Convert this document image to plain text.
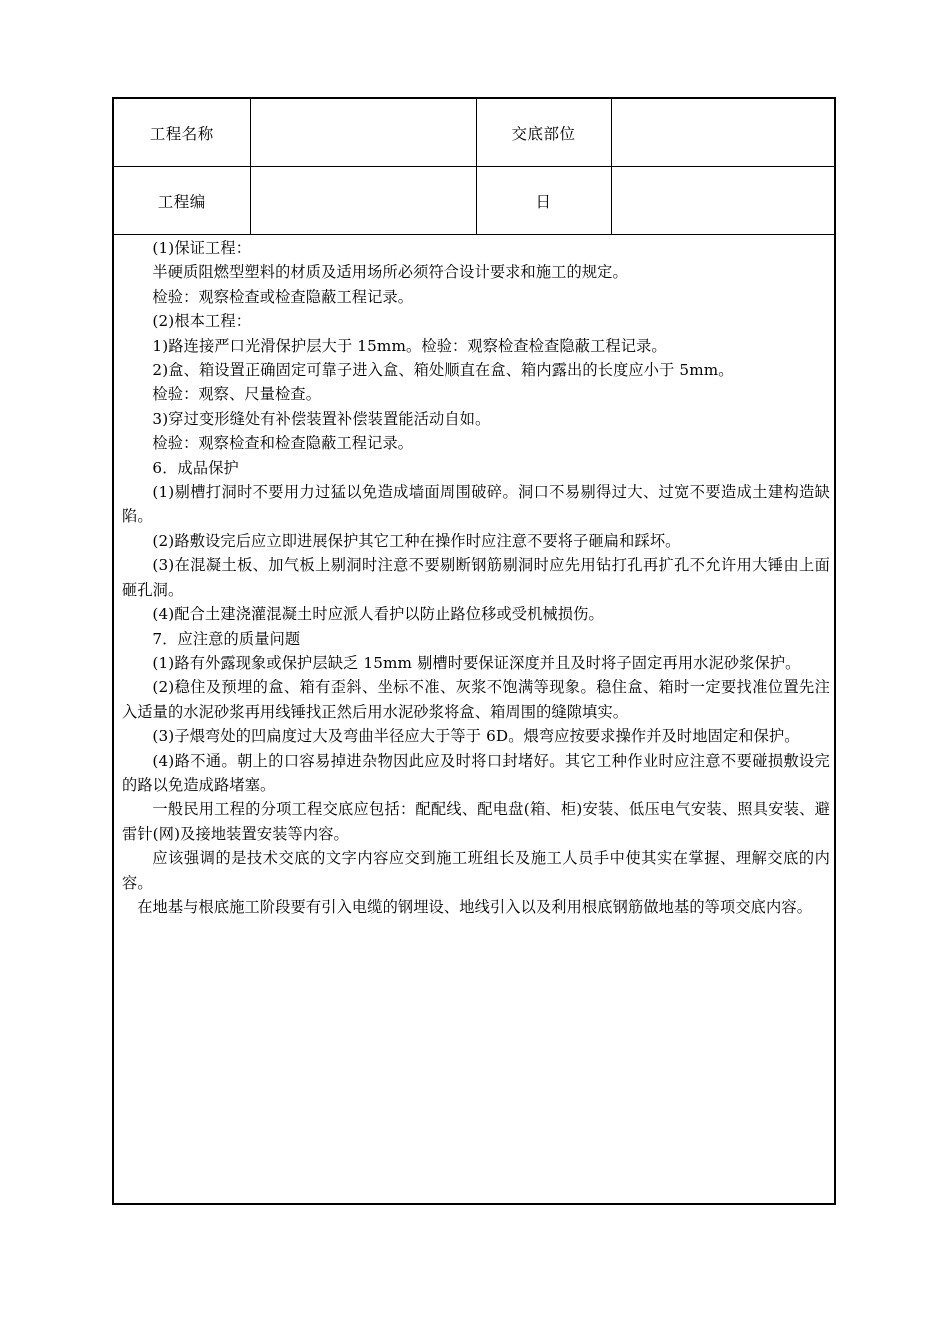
工程名称		交底部位	
工程编		日	

(1)保证工程：

半硬质阻燃型塑料的材质及适用场所必须符合设计要求和施工的规定。

检验：观察检查或检查隐蔽工程记录。

(2)根本工程：

1)路连接严口光滑保护层大于 15mm。检验：观察检查检查隐蔽工程记录。

2)盒、箱设置正确固定可靠子进入盒、箱处顺直在盒、箱内露出的长度应小于 5mm。

检验：观察、尺量检查。

3)穿过变形缝处有补偿装置补偿装置能活动自如。

检验：观察检查和检查隐蔽工程记录。

6．成品保护

(1)剔槽打洞时不要用力过猛以免造成墙面周围破碎。洞口不易剔得过大、过宽不要造成土建构造缺陷。

(2)路敷设完后应立即进展保护其它工种在操作时应注意不要将子砸扁和踩坏。

(3)在混凝土板、加气板上剔洞时注意不要剔断钢筋剔洞时应先用钻打孔再扩孔不允许用大锤由上面砸孔洞。

(4)配合土建浇灌混凝土时应派人看护以防止路位移或受机械损伤。

7．应注意的质量问题

(1)路有外露现象或保护层缺乏 15mm 剔槽时要保证深度并且及时将子固定再用水泥砂浆保护。

(2)稳住及预埋的盒、箱有歪斜、坐标不准、灰浆不饱满等现象。稳住盒、箱时一定要找准位置先注入适量的水泥砂浆再用线锤找正然后用水泥砂浆将盒、箱周围的缝隙填实。

(3)子煨弯处的凹扁度过大及弯曲半径应大于等于 6D。煨弯应按要求操作并及时地固定和保护。

(4)路不通。朝上的口容易掉进杂物因此应及时将口封堵好。其它工种作业时应注意不要碰损敷设完的路以免造成路堵塞。

一般民用工程的分项工程交底应包括：配配线、配电盘(箱、柜)安装、低压电气安装、照具安装、避雷针(网)及接地装置安装等内容。

应该强调的是技术交底的文字内容应交到施工班组长及施工人员手中使其实在掌握、理解交底的内容。

在地基与根底施工阶段要有引入电缆的钢埋设、地线引入以及利用根底钢筋做地基的等项交底内容。
